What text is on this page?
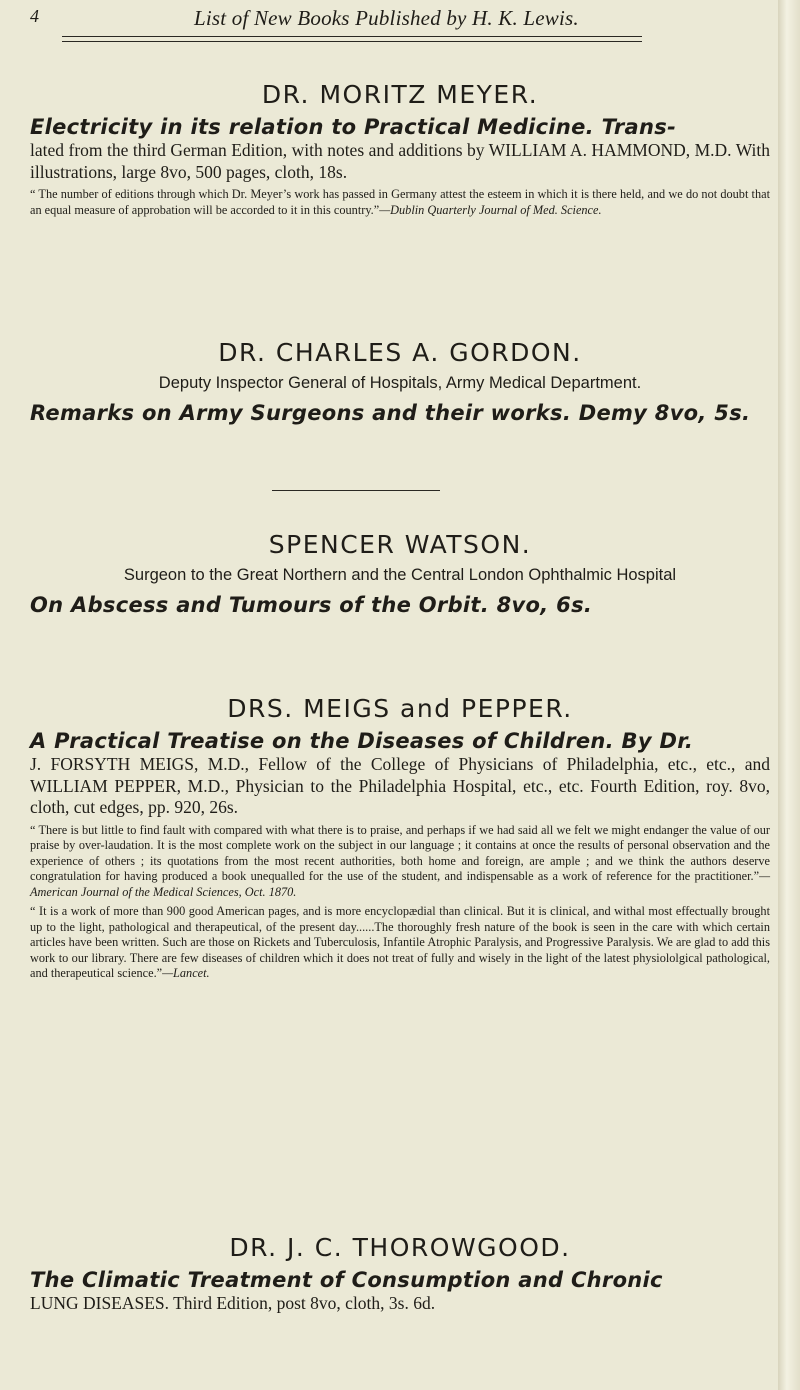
4	List of New Books Published by H. K. Lewis.

DR. MORITZ MEYER.

Electricity in its relation to Practical Medicine. Trans-

lated from the third German Edition, with notes and additions by WILLIAM A. HAMMOND, M.D. With illustrations, large 8vo, 500 pages, cloth, 18s.

“ The number of editions through which Dr. Meyer’s work has passed in Germany attest the esteem in which it is there held, and we do not doubt that an equal measure of approbation will be accorded to it in this country.”—Dublin Quarterly Journal of Med. Science.

DR. CHARLES A. GORDON.

Deputy Inspector General of Hospitals, Army Medical Department.

Remarks on Army Surgeons and their works. Demy 8vo, 5s.

SPENCER WATSON.

Surgeon to the Great Northern and the Central London Ophthalmic Hospital

On Abscess and Tumours of the Orbit. 8vo, 6s.

DRS. MEIGS and PEPPER.

A Practical Treatise on the Diseases of Children. By Dr.

J. FORSYTH MEIGS, M.D., Fellow of the College of Physicians of Philadelphia, etc., etc., and WILLIAM PEPPER, M.D., Physician to the Philadelphia Hospital, etc., etc. Fourth Edition, roy. 8vo, cloth, cut edges, pp. 920, 26s.

“ There is but little to find fault with compared with what there is to praise, and perhaps if we had said all we felt we might endanger the value of our praise by over-laudation. It is the most complete work on the subject in our language ; it contains at once the results of personal observation and the experience of others ; its quotations from the most recent authorities, both home and foreign, are ample ; and we think the authors deserve congratulation for having produced a book unequalled for the use of the student, and indispensable as a work of reference for the practitioner.”—American Journal of the Medical Sciences, Oct. 1870.

“ It is a work of more than 900 good American pages, and is more encyclopædial than clinical. But it is clinical, and withal most effectually brought up to the light, pathological and therapeutical, of the present day......The thoroughly fresh nature of the book is seen in the care with which certain articles have been written. Such are those on Rickets and Tuberculosis, Infantile Atrophic Paralysis, and Progressive Paralysis. We are glad to add this work to our library. There are few diseases of children which it does not treat of fully and wisely in the light of the latest physiololgical pathological, and therapeutical science.”—Lancet.

DR. J. C. THOROWGOOD.

The Climatic Treatment of Consumption and Chronic

LUNG DISEASES. Third Edition, post 8vo, cloth, 3s. 6d.
